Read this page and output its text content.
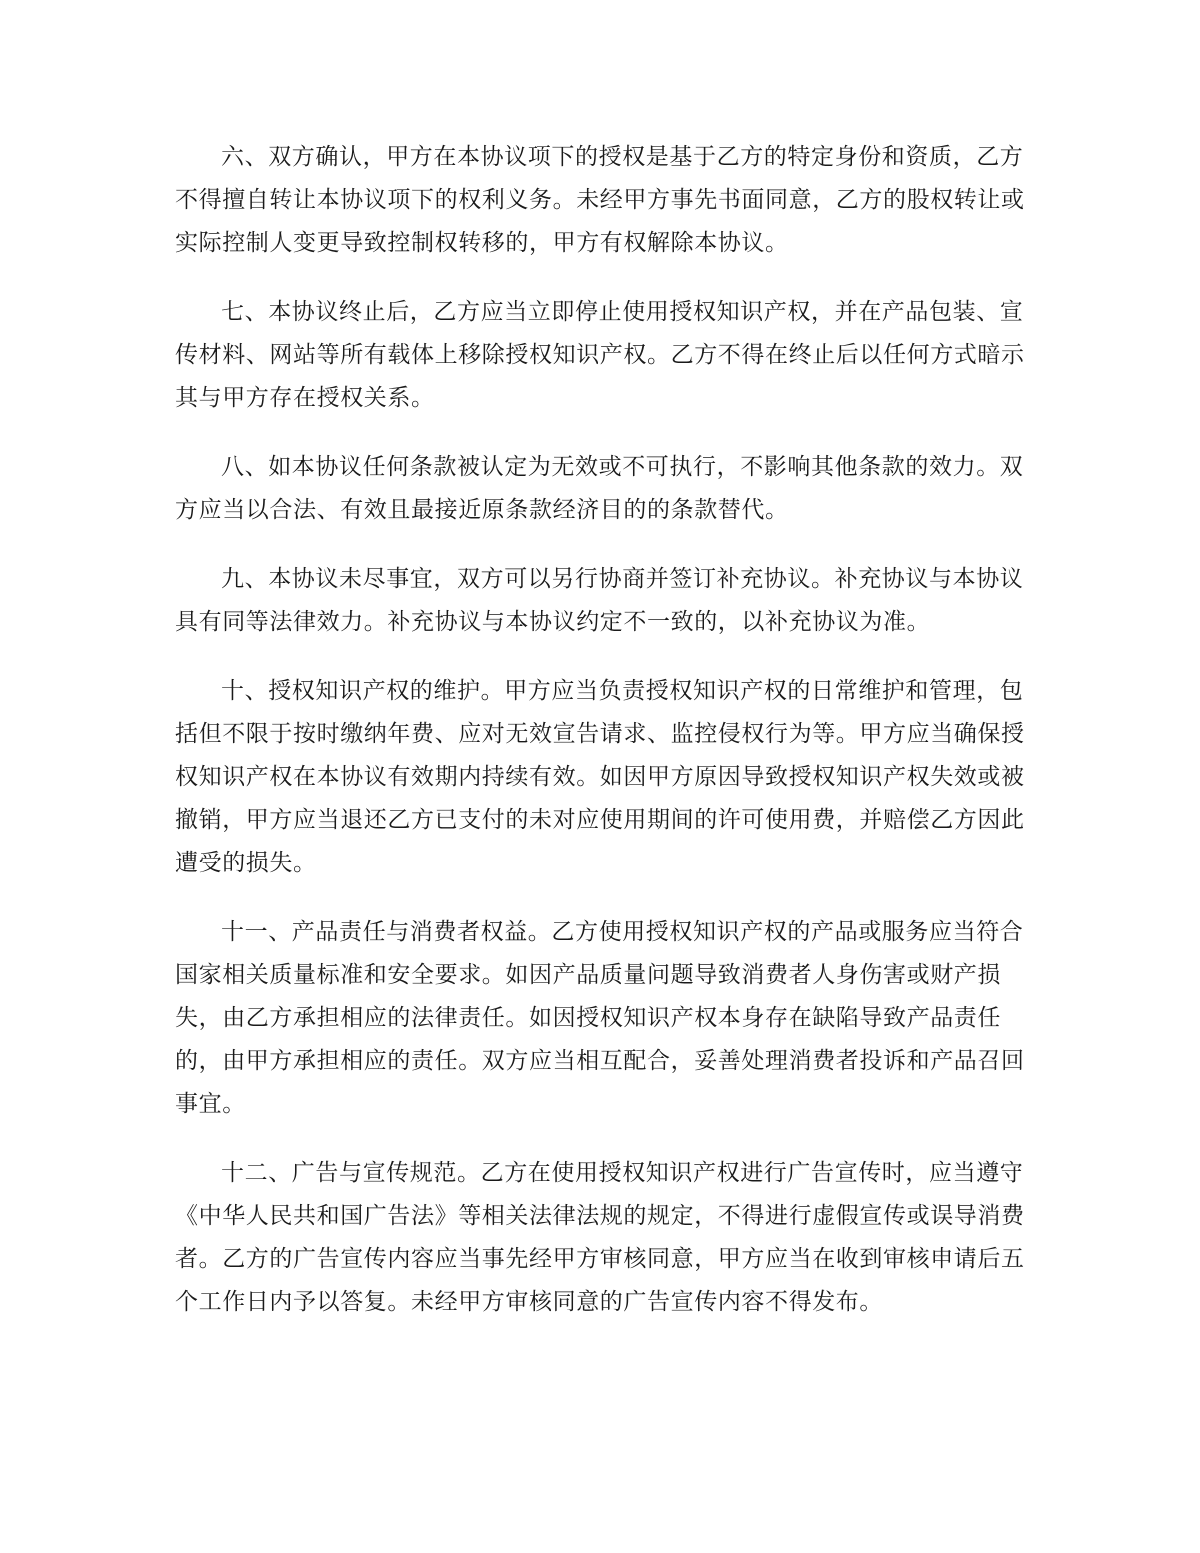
六、双方确认，甲方在本协议项下的授权是基于乙方的特定身份和资质，乙方
不得擅自转让本协议项下的权利义务。未经甲方事先书面同意，乙方的股权转让或
实际控制人变更导致控制权转移的，甲方有权解除本协议。

七、本协议终止后，乙方应当立即停止使用授权知识产权，并在产品包装、宣
传材料、网站等所有载体上移除授权知识产权。乙方不得在终止后以任何方式暗示
其与甲方存在授权关系。

八、如本协议任何条款被认定为无效或不可执行，不影响其他条款的效力。双
方应当以合法、有效且最接近原条款经济目的的条款替代。

九、本协议未尽事宜，双方可以另行协商并签订补充协议。补充协议与本协议
具有同等法律效力。补充协议与本协议约定不一致的，以补充协议为准。

十、授权知识产权的维护。甲方应当负责授权知识产权的日常维护和管理，包
括但不限于按时缴纳年费、应对无效宣告请求、监控侵权行为等。甲方应当确保授
权知识产权在本协议有效期内持续有效。如因甲方原因导致授权知识产权失效或被
撤销，甲方应当退还乙方已支付的未对应使用期间的许可使用费，并赔偿乙方因此
遭受的损失。

十一、产品责任与消费者权益。乙方使用授权知识产权的产品或服务应当符合
国家相关质量标准和安全要求。如因产品质量问题导致消费者人身伤害或财产损
失，由乙方承担相应的法律责任。如因授权知识产权本身存在缺陷导致产品责任
的，由甲方承担相应的责任。双方应当相互配合，妥善处理消费者投诉和产品召回
事宜。

十二、广告与宣传规范。乙方在使用授权知识产权进行广告宣传时，应当遵守
《中华人民共和国广告法》等相关法律法规的规定，不得进行虚假宣传或误导消费
者。乙方的广告宣传内容应当事先经甲方审核同意，甲方应当在收到审核申请后五
个工作日内予以答复。未经甲方审核同意的广告宣传内容不得发布。
